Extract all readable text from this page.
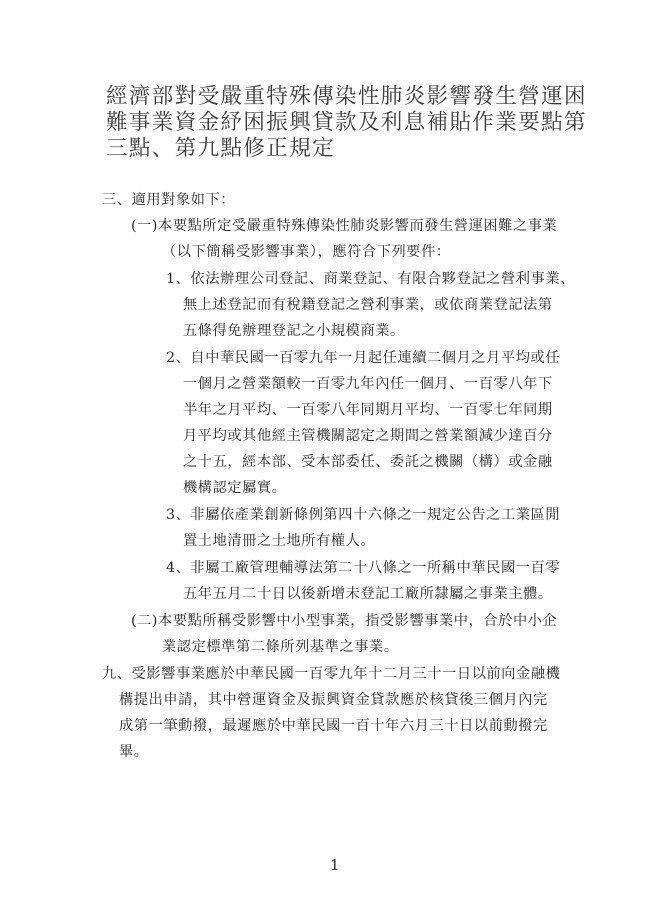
經濟部對受嚴重特殊傳染性肺炎影響發生營運困
難事業資金紓困振興貸款及利息補貼作業要點第
三點、第九點修正規定
三、適用對象如下：
(一)本要點所定受嚴重特殊傳染性肺炎影響而發生營運困難之事業
（以下簡稱受影響事業），應符合下列要件：
1、依法辦理公司登記、商業登記、有限合夥登記之營利事業、
無上述登記而有稅籍登記之營利事業，或依商業登記法第
五條得免辦理登記之小規模商業。
2、自中華民國一百零九年一月起任連續二個月之月平均或任
一個月之營業額較一百零九年內任一個月、一百零八年下
半年之月平均、一百零八年同期月平均、一百零七年同期
月平均或其他經主管機關認定之期間之營業額減少達百分
之十五，經本部、受本部委任、委託之機關（構）或金融
機構認定屬實。
3、非屬依產業創新條例第四十六條之一規定公告之工業區閒
置土地清冊之土地所有權人。
4、非屬工廠管理輔導法第二十八條之一所稱中華民國一百零
五年五月二十日以後新增未登記工廠所隸屬之事業主體。
(二)本要點所稱受影響中小型事業，指受影響事業中，合於中小企
業認定標準第二條所列基準之事業。
九、受影響事業應於中華民國一百零九年十二月三十一日以前向金融機
構提出申請，其中營運資金及振興資金貸款應於核貸後三個月內完
成第一筆動撥，最遲應於中華民國一百十年六月三十日以前動撥完
畢。
1
